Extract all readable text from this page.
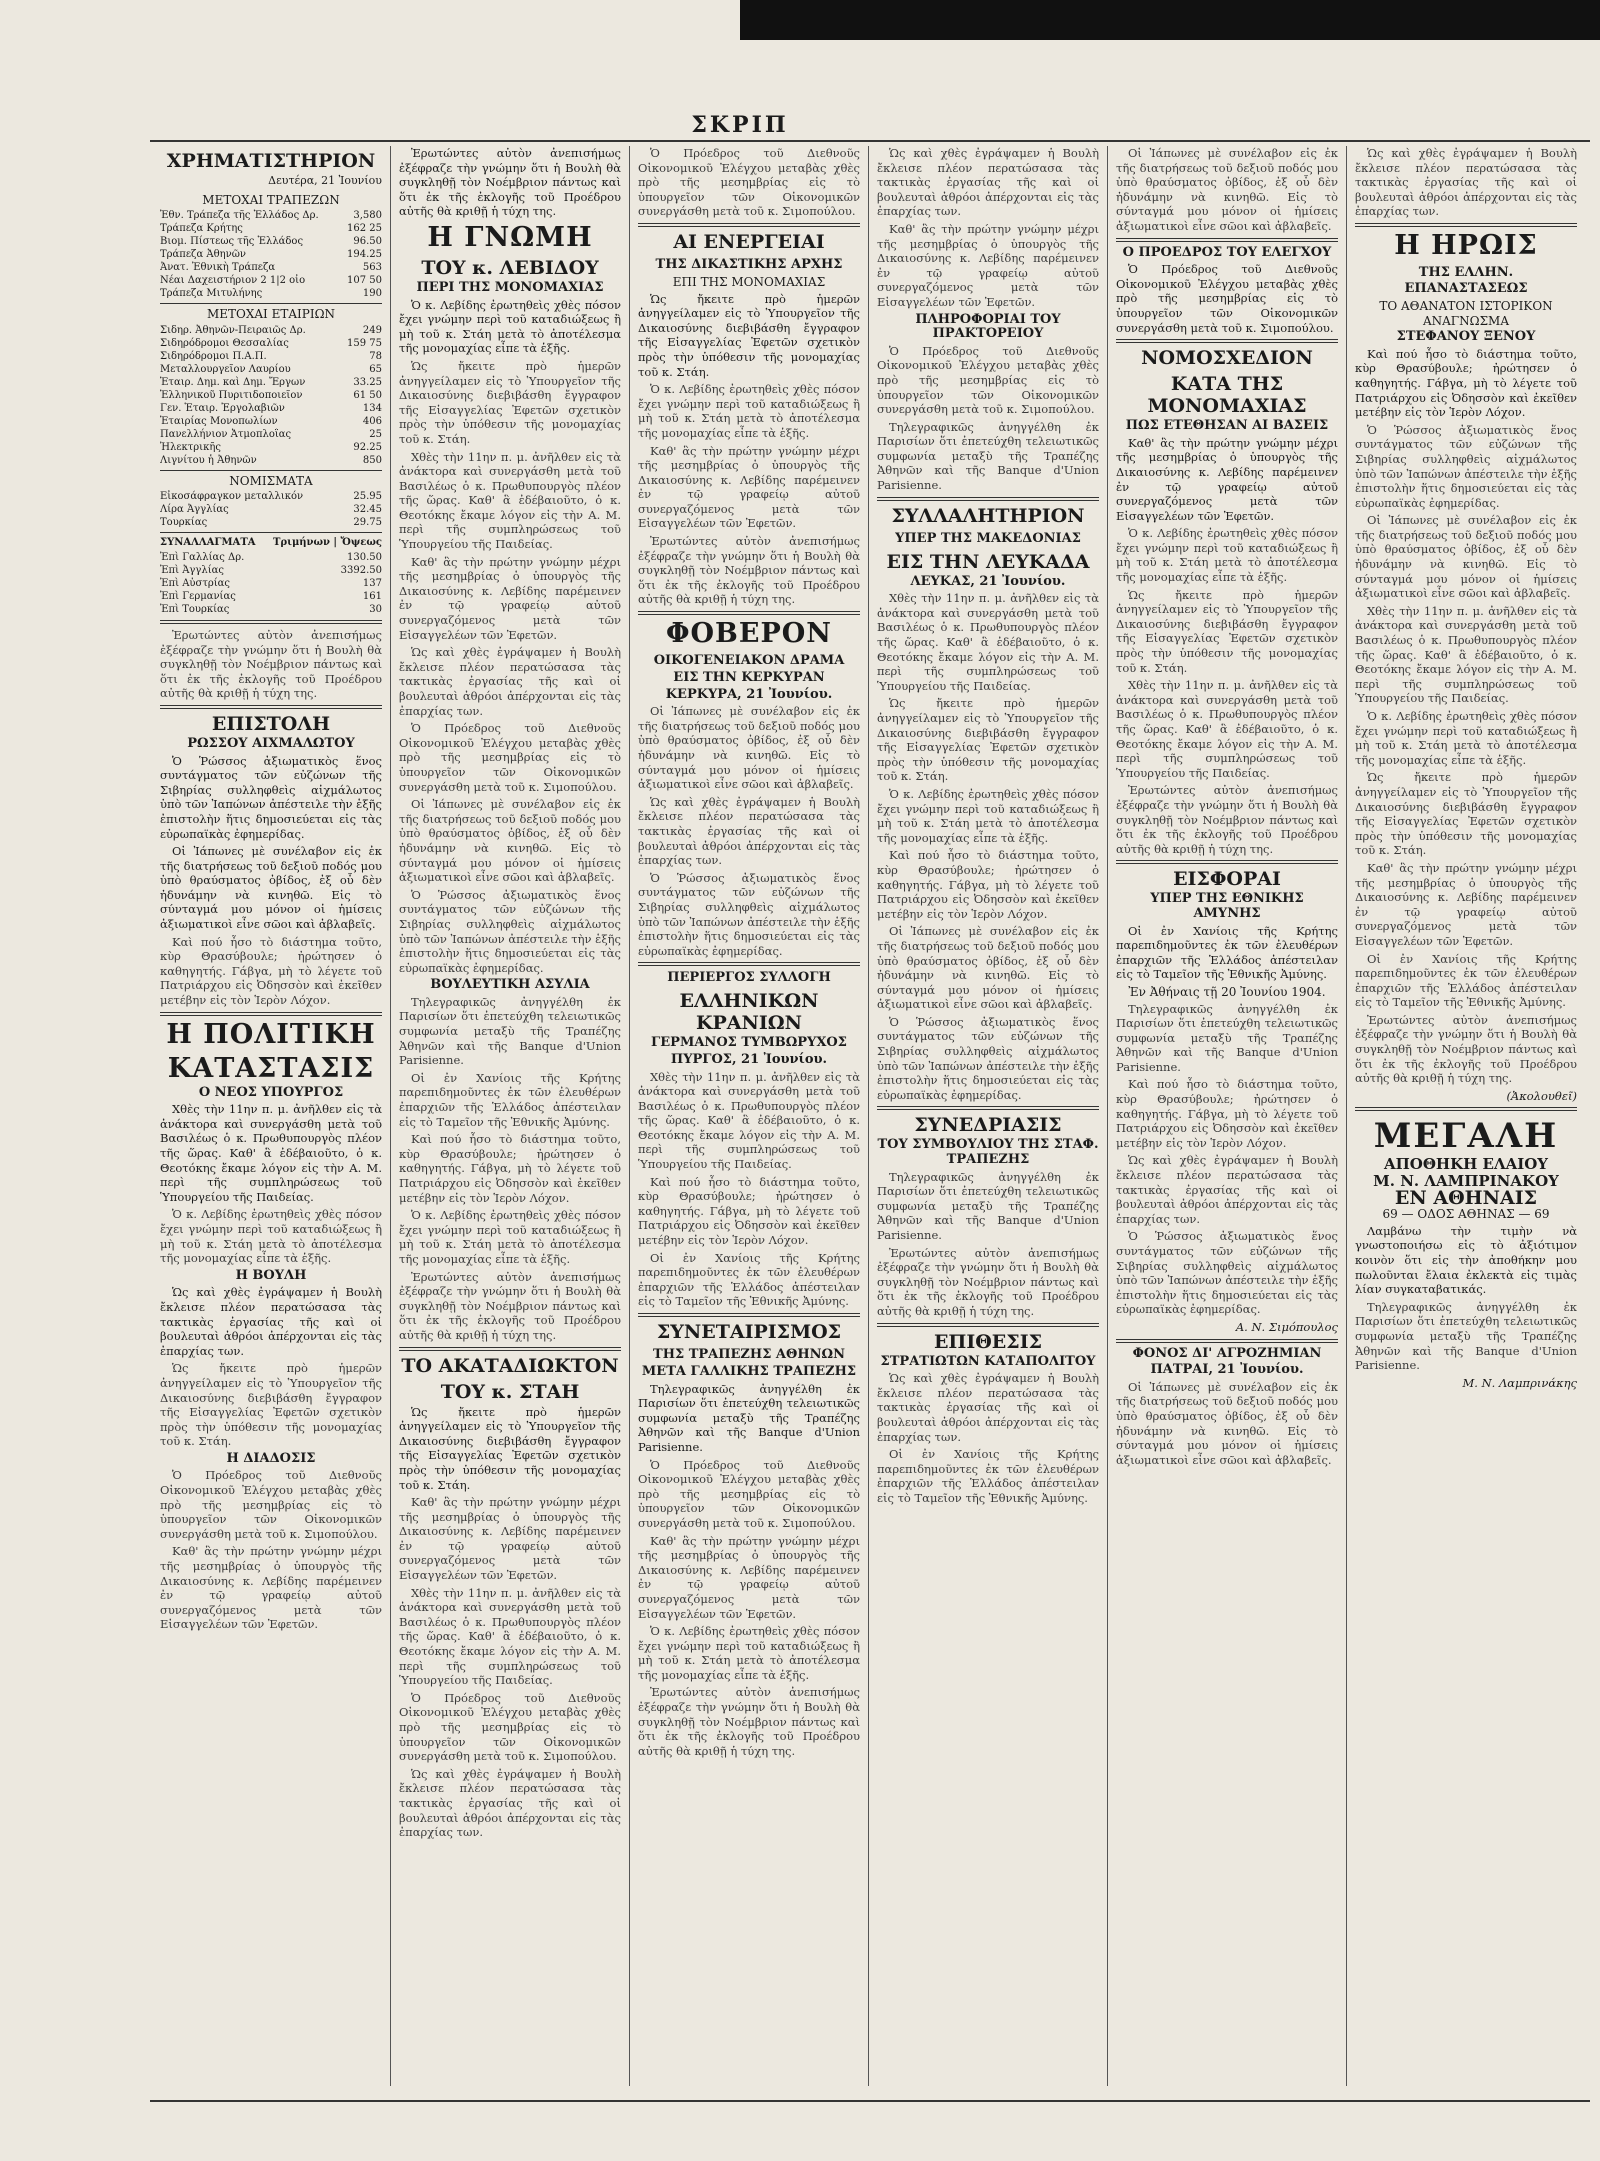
ΣΚΡΙΠ
ΧΡΗΜΑΤΙΣΤΗΡΙΟΝ
Δευτέρα, 21 Ἰουνίου
ΜΕΤΟΧΑΙ ΤΡΑΠΕΖΩΝ
Ἐθν. Τράπεζα τῆς Ἑλλάδος Δρ.	3,580
Τράπεζα Κρήτης	162 25
Βιομ. Πίστεως τῆς Ἑλλάδος	96.50
Τράπεζα Ἀθηνῶν	194.25
Ἀνατ. Ἐθνικὴ Τράπεζα	563
Νέαι Δαχειστήριον 2 1|2 οἰο	107 50
Τράπεζα Μιτυλήνης	190
ΜΕΤΟΧΑΙ ΕΤΑΙΡΙΩΝ
Σιδηρ. Ἀθηνῶν-Πειραιῶς Δρ.	249
Σιδηρόδρομοι Θεσσαλίας	159 75
Σιδηρόδρομοι Π.Α.Π.	78
Μεταλλουργεῖον Λαυρίου	65
Ἑταιρ. Δημ. καὶ Δημ. Ἔργων	33.25
Ἑλληνικοῦ Πυριτιδοποιεῖον	61 50
Γεν. Ἑταιρ. Ἐργολαβιῶν	134
Ἑταιρίας Μονοπωλίων	406
Πανελλήνιον Ἀτμοπλοΐας	25
Ἠλεκτρικῆς	92.25
Λιγνίτου ἡ Ἀθηνῶν	850
ΝΟΜΙΣΜΑΤΑ
Εἰκοσάφραγκον μεταλλικόν	25.95
Λίρα Ἀγγλίας	32.45
Τουρκίας	29.75
ΣΥΝΑΛΛΑΓΜΑΤΑ Τριμήνων | Ὄψεως
Ἐπὶ Γαλλίας Δρ.	130.50
Ἐπὶ Ἀγγλίας	3392.50
Ἐπὶ Αὐστρίας	137
Ἐπὶ Γερμανίας	161
Ἐπὶ Τουρκίας	30

Ἐρωτώντες αὐτὸν ἀνεπισήμως ἐξέφραζε τὴν γνώμην ὅτι ἡ Βουλὴ θὰ συγκληθῇ τὸν Νοέμβριον πάντως καὶ ὅτι ἐκ τῆς ἐκλογῆς τοῦ Προέδρου αὐτῆς θὰ κριθῇ ἡ τύχη της.

ΕΠΙΣΤΟΛΗ
ΡΩΣΣΟΥ ΑΙΧΜΑΛΩΤΟΥ

Ὁ Ῥώσσος ἀξιωματικὸς ἕνος συντάγματος τῶν εὐζώνων τῆς Σιβηρίας συλληφθεὶς αἰχμάλωτος ὑπὸ τῶν Ἰαπώνων ἀπέστειλε τὴν ἑξῆς ἐπιστολὴν ἥτις δημοσιεύεται εἰς τὰς εὐρωπαϊκὰς ἐφημερίδας.

Οἱ Ἰάπωνες μὲ συνέλαβον εἰς ἐκ τῆς διατρήσεως τοῦ δεξιοῦ ποδός μου ὑπὸ θραύσματος ὀβίδος, ἐξ οὗ δὲν ἠδυνάμην νὰ κινηθῶ. Εἰς τὸ σύνταγμά μου μόνον οἱ ἡμίσεις ἀξιωματικοὶ εἶνε σῶοι καὶ ἀβλαβεῖς.

Καὶ πού ἦσο τὸ διάστημα τοῦτο, κὺρ Θρασύβουλε; ἠρώτησεν ὁ καθηγητής. Γάβγα, μὴ τὸ λέγετε τοῦ Πατριάρχου εἰς Ὀδησσὸν καὶ ἐκεῖθεν μετέβην εἰς τὸν Ἱερὸν Λόχον.

Η ΠΟΛΙΤΙΚΗ
ΚΑΤΑΣΤΑΣΙΣ
Ο ΝΕΟΣ ΥΠΟΥΡΓΟΣ

Χθὲς τὴν 11ην π. μ. ἀνῆλθεν εἰς τὰ ἀνάκτορα καὶ συνεργάσθη μετὰ τοῦ Βασιλέως ὁ κ. Πρωθυπουργὸς πλέον τῆς ὥρας. Καθ' ἃ ἐδέβαιοῦτο, ὁ κ. Θεοτόκης ἔκαμε λόγον εἰς τὴν Α. Μ. περὶ τῆς συμπληρώσεως τοῦ Ὑπουργείου τῆς Παιδείας.

Ὁ κ. Λεβίδης ἐρωτηθεὶς χθὲς πόσον ἔχει γνώμην περὶ τοῦ καταδιώξεως ἢ μὴ τοῦ κ. Στάη μετὰ τὸ ἀποτέλεσμα τῆς μονομαχίας εἶπε τὰ ἑξῆς.

Η ΒΟΥΛΗ

Ὡς καὶ χθὲς ἐγράψαμεν ἡ Βουλὴ ἔκλεισε πλέον περατώσασα τὰς τακτικὰς ἐργασίας τῆς καὶ οἱ βουλευταὶ ἀθρόοι ἀπέρχονται εἰς τὰς ἐπαρχίας των.

Ὡς ἤκειτε πρὸ ἡμερῶν ἀνηγγείλαμεν εἰς τὸ Ὑπουργεῖον τῆς Δικαιοσύνης διεβιβάσθη ἔγγραφον τῆς Εἰσαγγελίας Ἐφετῶν σχετικὸν πρὸς τὴν ὑπόθεσιν τῆς μονομαχίας τοῦ κ. Στάη.

Η ΔΙΑΔΟΣΙΣ

Ὁ Πρόεδρος τοῦ Διεθνοῦς Οἰκονομικοῦ Ἐλέγχου μεταβὰς χθὲς πρὸ τῆς μεσημβρίας εἰς τὸ ὑπουργεῖον τῶν Οἰκονομικῶν συνεργάσθη μετὰ τοῦ κ. Σιμοπούλου.

Καθ' ἃς τὴν πρώτην γνώμην μέχρι τῆς μεσημβρίας ὁ ὑπουργὸς τῆς Δικαιοσύνης κ. Λεβίδης παρέμεινεν ἐν τῷ γραφείῳ αὐτοῦ συνεργαζόμενος μετὰ τῶν Εἰσαγγελέων τῶν Ἐφετῶν.

Ἐρωτώντες αὐτὸν ἀνεπισήμως ἐξέφραζε τὴν γνώμην ὅτι ἡ Βουλὴ θὰ συγκληθῇ τὸν Νοέμβριον πάντως καὶ ὅτι ἐκ τῆς ἐκλογῆς τοῦ Προέδρου αὐτῆς θὰ κριθῇ ἡ τύχη της.

Η ΓΝΩΜΗ
ΤΟΥ κ. ΛΕΒΙΔΟΥ
ΠΕΡΙ ΤΗΣ ΜΟΝΟΜΑΧΙΑΣ

Ὁ κ. Λεβίδης ἐρωτηθεὶς χθὲς πόσον ἔχει γνώμην περὶ τοῦ καταδιώξεως ἢ μὴ τοῦ κ. Στάη μετὰ τὸ ἀποτέλεσμα τῆς μονομαχίας εἶπε τὰ ἑξῆς.

Ὡς ἤκειτε πρὸ ἡμερῶν ἀνηγγείλαμεν εἰς τὸ Ὑπουργεῖον τῆς Δικαιοσύνης διεβιβάσθη ἔγγραφον τῆς Εἰσαγγελίας Ἐφετῶν σχετικὸν πρὸς τὴν ὑπόθεσιν τῆς μονομαχίας τοῦ κ. Στάη.

Χθὲς τὴν 11ην π. μ. ἀνῆλθεν εἰς τὰ ἀνάκτορα καὶ συνεργάσθη μετὰ τοῦ Βασιλέως ὁ κ. Πρωθυπουργὸς πλέον τῆς ὥρας. Καθ' ἃ ἐδέβαιοῦτο, ὁ κ. Θεοτόκης ἔκαμε λόγον εἰς τὴν Α. Μ. περὶ τῆς συμπληρώσεως τοῦ Ὑπουργείου τῆς Παιδείας.

Καθ' ἃς τὴν πρώτην γνώμην μέχρι τῆς μεσημβρίας ὁ ὑπουργὸς τῆς Δικαιοσύνης κ. Λεβίδης παρέμεινεν ἐν τῷ γραφείῳ αὐτοῦ συνεργαζόμενος μετὰ τῶν Εἰσαγγελέων τῶν Ἐφετῶν.

Ὡς καὶ χθὲς ἐγράψαμεν ἡ Βουλὴ ἔκλεισε πλέον περατώσασα τὰς τακτικὰς ἐργασίας τῆς καὶ οἱ βουλευταὶ ἀθρόοι ἀπέρχονται εἰς τὰς ἐπαρχίας των.

Ὁ Πρόεδρος τοῦ Διεθνοῦς Οἰκονομικοῦ Ἐλέγχου μεταβὰς χθὲς πρὸ τῆς μεσημβρίας εἰς τὸ ὑπουργεῖον τῶν Οἰκονομικῶν συνεργάσθη μετὰ τοῦ κ. Σιμοπούλου.

Οἱ Ἰάπωνες μὲ συνέλαβον εἰς ἐκ τῆς διατρήσεως τοῦ δεξιοῦ ποδός μου ὑπὸ θραύσματος ὀβίδος, ἐξ οὗ δὲν ἠδυνάμην νὰ κινηθῶ. Εἰς τὸ σύνταγμά μου μόνον οἱ ἡμίσεις ἀξιωματικοὶ εἶνε σῶοι καὶ ἀβλαβεῖς.

Ὁ Ῥώσσος ἀξιωματικὸς ἕνος συντάγματος τῶν εὐζώνων τῆς Σιβηρίας συλληφθεὶς αἰχμάλωτος ὑπὸ τῶν Ἰαπώνων ἀπέστειλε τὴν ἑξῆς ἐπιστολὴν ἥτις δημοσιεύεται εἰς τὰς εὐρωπαϊκὰς ἐφημερίδας.

ΒΟΥΛΕΥΤΙΚΗ ΑΣΥΛΙΑ

Τηλεγραφικῶς ἀνηγγέλθη ἐκ Παρισίων ὅτι ἐπετεύχθη τελειωτικῶς συμφωνία μεταξὺ τῆς Τραπέζης Ἀθηνῶν καὶ τῆς Banque d'Union Parisienne.

Οἱ ἐν Χανίοις τῆς Κρήτης παρεπιδημοῦντες ἐκ τῶν ἐλευθέρων ἐπαρχιῶν τῆς Ἑλλάδος ἀπέστειλαν εἰς τὸ Ταμεῖον τῆς Ἐθνικῆς Ἀμύνης.

Καὶ πού ἦσο τὸ διάστημα τοῦτο, κὺρ Θρασύβουλε; ἠρώτησεν ὁ καθηγητής. Γάβγα, μὴ τὸ λέγετε τοῦ Πατριάρχου εἰς Ὀδησσὸν καὶ ἐκεῖθεν μετέβην εἰς τὸν Ἱερὸν Λόχον.

Ὁ κ. Λεβίδης ἐρωτηθεὶς χθὲς πόσον ἔχει γνώμην περὶ τοῦ καταδιώξεως ἢ μὴ τοῦ κ. Στάη μετὰ τὸ ἀποτέλεσμα τῆς μονομαχίας εἶπε τὰ ἑξῆς.

Ἐρωτώντες αὐτὸν ἀνεπισήμως ἐξέφραζε τὴν γνώμην ὅτι ἡ Βουλὴ θὰ συγκληθῇ τὸν Νοέμβριον πάντως καὶ ὅτι ἐκ τῆς ἐκλογῆς τοῦ Προέδρου αὐτῆς θὰ κριθῇ ἡ τύχη της.

ΤΟ ΑΚΑΤΑΔΙΩΚΤΟΝ
ΤΟΥ κ. ΣΤΑΗ

Ὡς ἤκειτε πρὸ ἡμερῶν ἀνηγγείλαμεν εἰς τὸ Ὑπουργεῖον τῆς Δικαιοσύνης διεβιβάσθη ἔγγραφον τῆς Εἰσαγγελίας Ἐφετῶν σχετικὸν πρὸς τὴν ὑπόθεσιν τῆς μονομαχίας τοῦ κ. Στάη.

Καθ' ἃς τὴν πρώτην γνώμην μέχρι τῆς μεσημβρίας ὁ ὑπουργὸς τῆς Δικαιοσύνης κ. Λεβίδης παρέμεινεν ἐν τῷ γραφείῳ αὐτοῦ συνεργαζόμενος μετὰ τῶν Εἰσαγγελέων τῶν Ἐφετῶν.

Χθὲς τὴν 11ην π. μ. ἀνῆλθεν εἰς τὰ ἀνάκτορα καὶ συνεργάσθη μετὰ τοῦ Βασιλέως ὁ κ. Πρωθυπουργὸς πλέον τῆς ὥρας. Καθ' ἃ ἐδέβαιοῦτο, ὁ κ. Θεοτόκης ἔκαμε λόγον εἰς τὴν Α. Μ. περὶ τῆς συμπληρώσεως τοῦ Ὑπουργείου τῆς Παιδείας.

Ὁ Πρόεδρος τοῦ Διεθνοῦς Οἰκονομικοῦ Ἐλέγχου μεταβὰς χθὲς πρὸ τῆς μεσημβρίας εἰς τὸ ὑπουργεῖον τῶν Οἰκονομικῶν συνεργάσθη μετὰ τοῦ κ. Σιμοπούλου.

Ὡς καὶ χθὲς ἐγράψαμεν ἡ Βουλὴ ἔκλεισε πλέον περατώσασα τὰς τακτικὰς ἐργασίας τῆς καὶ οἱ βουλευταὶ ἀθρόοι ἀπέρχονται εἰς τὰς ἐπαρχίας των.

Ὁ Πρόεδρος τοῦ Διεθνοῦς Οἰκονομικοῦ Ἐλέγχου μεταβὰς χθὲς πρὸ τῆς μεσημβρίας εἰς τὸ ὑπουργεῖον τῶν Οἰκονομικῶν συνεργάσθη μετὰ τοῦ κ. Σιμοπούλου.

ΑΙ ΕΝΕΡΓΕΙΑΙ
ΤΗΣ ΔΙΚΑΣΤΙΚΗΣ ΑΡΧΗΣ
ΕΠΙ ΤΗΣ ΜΟΝΟΜΑΧΙΑΣ

Ὡς ἤκειτε πρὸ ἡμερῶν ἀνηγγείλαμεν εἰς τὸ Ὑπουργεῖον τῆς Δικαιοσύνης διεβιβάσθη ἔγγραφον τῆς Εἰσαγγελίας Ἐφετῶν σχετικὸν πρὸς τὴν ὑπόθεσιν τῆς μονομαχίας τοῦ κ. Στάη.

Ὁ κ. Λεβίδης ἐρωτηθεὶς χθὲς πόσον ἔχει γνώμην περὶ τοῦ καταδιώξεως ἢ μὴ τοῦ κ. Στάη μετὰ τὸ ἀποτέλεσμα τῆς μονομαχίας εἶπε τὰ ἑξῆς.

Καθ' ἃς τὴν πρώτην γνώμην μέχρι τῆς μεσημβρίας ὁ ὑπουργὸς τῆς Δικαιοσύνης κ. Λεβίδης παρέμεινεν ἐν τῷ γραφείῳ αὐτοῦ συνεργαζόμενος μετὰ τῶν Εἰσαγγελέων τῶν Ἐφετῶν.

Ἐρωτώντες αὐτὸν ἀνεπισήμως ἐξέφραζε τὴν γνώμην ὅτι ἡ Βουλὴ θὰ συγκληθῇ τὸν Νοέμβριον πάντως καὶ ὅτι ἐκ τῆς ἐκλογῆς τοῦ Προέδρου αὐτῆς θὰ κριθῇ ἡ τύχη της.

ΦΟΒΕΡΟΝ
ΟΙΚΟΓΕΝΕΙΑΚΟΝ ΔΡΑΜΑ
ΕΙΣ ΤΗΝ ΚΕΡΚΥΡΑΝ
ΚΕΡΚΥΡΑ, 21 Ἰουνίου.

Οἱ Ἰάπωνες μὲ συνέλαβον εἰς ἐκ τῆς διατρήσεως τοῦ δεξιοῦ ποδός μου ὑπὸ θραύσματος ὀβίδος, ἐξ οὗ δὲν ἠδυνάμην νὰ κινηθῶ. Εἰς τὸ σύνταγμά μου μόνον οἱ ἡμίσεις ἀξιωματικοὶ εἶνε σῶοι καὶ ἀβλαβεῖς.

Ὡς καὶ χθὲς ἐγράψαμεν ἡ Βουλὴ ἔκλεισε πλέον περατώσασα τὰς τακτικὰς ἐργασίας τῆς καὶ οἱ βουλευταὶ ἀθρόοι ἀπέρχονται εἰς τὰς ἐπαρχίας των.

Ὁ Ῥώσσος ἀξιωματικὸς ἕνος συντάγματος τῶν εὐζώνων τῆς Σιβηρίας συλληφθεὶς αἰχμάλωτος ὑπὸ τῶν Ἰαπώνων ἀπέστειλε τὴν ἑξῆς ἐπιστολὴν ἥτις δημοσιεύεται εἰς τὰς εὐρωπαϊκὰς ἐφημερίδας.

ΠΕΡΙΕΡΓΟΣ ΣΥΛΛΟΓΗ
ΕΛΛΗΝΙΚΩΝ ΚΡΑΝΙΩΝ
ΓΕΡΜΑΝΟΣ ΤΥΜΒΩΡΥΧΟΣ
ΠΥΡΓΟΣ, 21 Ἰουνίου.

Χθὲς τὴν 11ην π. μ. ἀνῆλθεν εἰς τὰ ἀνάκτορα καὶ συνεργάσθη μετὰ τοῦ Βασιλέως ὁ κ. Πρωθυπουργὸς πλέον τῆς ὥρας. Καθ' ἃ ἐδέβαιοῦτο, ὁ κ. Θεοτόκης ἔκαμε λόγον εἰς τὴν Α. Μ. περὶ τῆς συμπληρώσεως τοῦ Ὑπουργείου τῆς Παιδείας.

Καὶ πού ἦσο τὸ διάστημα τοῦτο, κὺρ Θρασύβουλε; ἠρώτησεν ὁ καθηγητής. Γάβγα, μὴ τὸ λέγετε τοῦ Πατριάρχου εἰς Ὀδησσὸν καὶ ἐκεῖθεν μετέβην εἰς τὸν Ἱερὸν Λόχον.

Οἱ ἐν Χανίοις τῆς Κρήτης παρεπιδημοῦντες ἐκ τῶν ἐλευθέρων ἐπαρχιῶν τῆς Ἑλλάδος ἀπέστειλαν εἰς τὸ Ταμεῖον τῆς Ἐθνικῆς Ἀμύνης.

ΣΥΝΕΤΑΙΡΙΣΜΟΣ
ΤΗΣ ΤΡΑΠΕΖΗΣ ΑΘΗΝΩΝ
ΜΕΤΑ ΓΑΛΛΙΚΗΣ ΤΡΑΠΕΖΗΣ

Τηλεγραφικῶς ἀνηγγέλθη ἐκ Παρισίων ὅτι ἐπετεύχθη τελειωτικῶς συμφωνία μεταξὺ τῆς Τραπέζης Ἀθηνῶν καὶ τῆς Banque d'Union Parisienne.

Ὁ Πρόεδρος τοῦ Διεθνοῦς Οἰκονομικοῦ Ἐλέγχου μεταβὰς χθὲς πρὸ τῆς μεσημβρίας εἰς τὸ ὑπουργεῖον τῶν Οἰκονομικῶν συνεργάσθη μετὰ τοῦ κ. Σιμοπούλου.

Καθ' ἃς τὴν πρώτην γνώμην μέχρι τῆς μεσημβρίας ὁ ὑπουργὸς τῆς Δικαιοσύνης κ. Λεβίδης παρέμεινεν ἐν τῷ γραφείῳ αὐτοῦ συνεργαζόμενος μετὰ τῶν Εἰσαγγελέων τῶν Ἐφετῶν.

Ὁ κ. Λεβίδης ἐρωτηθεὶς χθὲς πόσον ἔχει γνώμην περὶ τοῦ καταδιώξεως ἢ μὴ τοῦ κ. Στάη μετὰ τὸ ἀποτέλεσμα τῆς μονομαχίας εἶπε τὰ ἑξῆς.

Ἐρωτώντες αὐτὸν ἀνεπισήμως ἐξέφραζε τὴν γνώμην ὅτι ἡ Βουλὴ θὰ συγκληθῇ τὸν Νοέμβριον πάντως καὶ ὅτι ἐκ τῆς ἐκλογῆς τοῦ Προέδρου αὐτῆς θὰ κριθῇ ἡ τύχη της.

Ὡς καὶ χθὲς ἐγράψαμεν ἡ Βουλὴ ἔκλεισε πλέον περατώσασα τὰς τακτικὰς ἐργασίας τῆς καὶ οἱ βουλευταὶ ἀθρόοι ἀπέρχονται εἰς τὰς ἐπαρχίας των.

Καθ' ἃς τὴν πρώτην γνώμην μέχρι τῆς μεσημβρίας ὁ ὑπουργὸς τῆς Δικαιοσύνης κ. Λεβίδης παρέμεινεν ἐν τῷ γραφείῳ αὐτοῦ συνεργαζόμενος μετὰ τῶν Εἰσαγγελέων τῶν Ἐφετῶν.

ΠΛΗΡΟΦΟΡΙΑΙ ΤΟΥ ΠΡΑΚΤΟΡΕΙΟΥ

Ὁ Πρόεδρος τοῦ Διεθνοῦς Οἰκονομικοῦ Ἐλέγχου μεταβὰς χθὲς πρὸ τῆς μεσημβρίας εἰς τὸ ὑπουργεῖον τῶν Οἰκονομικῶν συνεργάσθη μετὰ τοῦ κ. Σιμοπούλου.

Τηλεγραφικῶς ἀνηγγέλθη ἐκ Παρισίων ὅτι ἐπετεύχθη τελειωτικῶς συμφωνία μεταξὺ τῆς Τραπέζης Ἀθηνῶν καὶ τῆς Banque d'Union Parisienne.

ΣΥΛΛΑΛΗΤΗΡΙΟΝ
ΥΠΕΡ ΤΗΣ ΜΑΚΕΔΟΝΙΑΣ
ΕΙΣ ΤΗΝ ΛΕΥΚΑΔΑ
ΛΕΥΚΑΣ, 21 Ἰουνίου.

Χθὲς τὴν 11ην π. μ. ἀνῆλθεν εἰς τὰ ἀνάκτορα καὶ συνεργάσθη μετὰ τοῦ Βασιλέως ὁ κ. Πρωθυπουργὸς πλέον τῆς ὥρας. Καθ' ἃ ἐδέβαιοῦτο, ὁ κ. Θεοτόκης ἔκαμε λόγον εἰς τὴν Α. Μ. περὶ τῆς συμπληρώσεως τοῦ Ὑπουργείου τῆς Παιδείας.

Ὡς ἤκειτε πρὸ ἡμερῶν ἀνηγγείλαμεν εἰς τὸ Ὑπουργεῖον τῆς Δικαιοσύνης διεβιβάσθη ἔγγραφον τῆς Εἰσαγγελίας Ἐφετῶν σχετικὸν πρὸς τὴν ὑπόθεσιν τῆς μονομαχίας τοῦ κ. Στάη.

Ὁ κ. Λεβίδης ἐρωτηθεὶς χθὲς πόσον ἔχει γνώμην περὶ τοῦ καταδιώξεως ἢ μὴ τοῦ κ. Στάη μετὰ τὸ ἀποτέλεσμα τῆς μονομαχίας εἶπε τὰ ἑξῆς.

Καὶ πού ἦσο τὸ διάστημα τοῦτο, κὺρ Θρασύβουλε; ἠρώτησεν ὁ καθηγητής. Γάβγα, μὴ τὸ λέγετε τοῦ Πατριάρχου εἰς Ὀδησσὸν καὶ ἐκεῖθεν μετέβην εἰς τὸν Ἱερὸν Λόχον.

Οἱ Ἰάπωνες μὲ συνέλαβον εἰς ἐκ τῆς διατρήσεως τοῦ δεξιοῦ ποδός μου ὑπὸ θραύσματος ὀβίδος, ἐξ οὗ δὲν ἠδυνάμην νὰ κινηθῶ. Εἰς τὸ σύνταγμά μου μόνον οἱ ἡμίσεις ἀξιωματικοὶ εἶνε σῶοι καὶ ἀβλαβεῖς.

Ὁ Ῥώσσος ἀξιωματικὸς ἕνος συντάγματος τῶν εὐζώνων τῆς Σιβηρίας συλληφθεὶς αἰχμάλωτος ὑπὸ τῶν Ἰαπώνων ἀπέστειλε τὴν ἑξῆς ἐπιστολὴν ἥτις δημοσιεύεται εἰς τὰς εὐρωπαϊκὰς ἐφημερίδας.

ΣΥΝΕΔΡΙΑΣΙΣ
ΤΟΥ ΣΥΜΒΟΥΛΙΟΥ ΤΗΣ ΣΤΑΦ. ΤΡΑΠΕΖΗΣ

Τηλεγραφικῶς ἀνηγγέλθη ἐκ Παρισίων ὅτι ἐπετεύχθη τελειωτικῶς συμφωνία μεταξὺ τῆς Τραπέζης Ἀθηνῶν καὶ τῆς Banque d'Union Parisienne.

Ἐρωτώντες αὐτὸν ἀνεπισήμως ἐξέφραζε τὴν γνώμην ὅτι ἡ Βουλὴ θὰ συγκληθῇ τὸν Νοέμβριον πάντως καὶ ὅτι ἐκ τῆς ἐκλογῆς τοῦ Προέδρου αὐτῆς θὰ κριθῇ ἡ τύχη της.

ΕΠΙΘΕΣΙΣ
ΣΤΡΑΤΙΩΤΩΝ ΚΑΤΑΠΟΛΙΤΟΥ

Ὡς καὶ χθὲς ἐγράψαμεν ἡ Βουλὴ ἔκλεισε πλέον περατώσασα τὰς τακτικὰς ἐργασίας τῆς καὶ οἱ βουλευταὶ ἀθρόοι ἀπέρχονται εἰς τὰς ἐπαρχίας των.

Οἱ ἐν Χανίοις τῆς Κρήτης παρεπιδημοῦντες ἐκ τῶν ἐλευθέρων ἐπαρχιῶν τῆς Ἑλλάδος ἀπέστειλαν εἰς τὸ Ταμεῖον τῆς Ἐθνικῆς Ἀμύνης.

Οἱ Ἰάπωνες μὲ συνέλαβον εἰς ἐκ τῆς διατρήσεως τοῦ δεξιοῦ ποδός μου ὑπὸ θραύσματος ὀβίδος, ἐξ οὗ δὲν ἠδυνάμην νὰ κινηθῶ. Εἰς τὸ σύνταγμά μου μόνον οἱ ἡμίσεις ἀξιωματικοὶ εἶνε σῶοι καὶ ἀβλαβεῖς.

Ο ΠΡΟΕΔΡΟΣ ΤΟΥ ΕΛΕΓΧΟΥ

Ὁ Πρόεδρος τοῦ Διεθνοῦς Οἰκονομικοῦ Ἐλέγχου μεταβὰς χθὲς πρὸ τῆς μεσημβρίας εἰς τὸ ὑπουργεῖον τῶν Οἰκονομικῶν συνεργάσθη μετὰ τοῦ κ. Σιμοπούλου.

ΝΟΜΟΣΧΕΔΙΟΝ
ΚΑΤΑ ΤΗΣ ΜΟΝΟΜΑΧΙΑΣ
ΠΩΣ ΕΤΕΘΗΣΑΝ ΑΙ ΒΑΣΕΙΣ

Καθ' ἃς τὴν πρώτην γνώμην μέχρι τῆς μεσημβρίας ὁ ὑπουργὸς τῆς Δικαιοσύνης κ. Λεβίδης παρέμεινεν ἐν τῷ γραφείῳ αὐτοῦ συνεργαζόμενος μετὰ τῶν Εἰσαγγελέων τῶν Ἐφετῶν.

Ὁ κ. Λεβίδης ἐρωτηθεὶς χθὲς πόσον ἔχει γνώμην περὶ τοῦ καταδιώξεως ἢ μὴ τοῦ κ. Στάη μετὰ τὸ ἀποτέλεσμα τῆς μονομαχίας εἶπε τὰ ἑξῆς.

Ὡς ἤκειτε πρὸ ἡμερῶν ἀνηγγείλαμεν εἰς τὸ Ὑπουργεῖον τῆς Δικαιοσύνης διεβιβάσθη ἔγγραφον τῆς Εἰσαγγελίας Ἐφετῶν σχετικὸν πρὸς τὴν ὑπόθεσιν τῆς μονομαχίας τοῦ κ. Στάη.

Χθὲς τὴν 11ην π. μ. ἀνῆλθεν εἰς τὰ ἀνάκτορα καὶ συνεργάσθη μετὰ τοῦ Βασιλέως ὁ κ. Πρωθυπουργὸς πλέον τῆς ὥρας. Καθ' ἃ ἐδέβαιοῦτο, ὁ κ. Θεοτόκης ἔκαμε λόγον εἰς τὴν Α. Μ. περὶ τῆς συμπληρώσεως τοῦ Ὑπουργείου τῆς Παιδείας.

Ἐρωτώντες αὐτὸν ἀνεπισήμως ἐξέφραζε τὴν γνώμην ὅτι ἡ Βουλὴ θὰ συγκληθῇ τὸν Νοέμβριον πάντως καὶ ὅτι ἐκ τῆς ἐκλογῆς τοῦ Προέδρου αὐτῆς θὰ κριθῇ ἡ τύχη της.

ΕΙΣΦΟΡΑΙ
ΥΠΕΡ ΤΗΣ ΕΘΝΙΚΗΣ ΑΜΥΝΗΣ

Οἱ ἐν Χανίοις τῆς Κρήτης παρεπιδημοῦντες ἐκ τῶν ἐλευθέρων ἐπαρχιῶν τῆς Ἑλλάδος ἀπέστειλαν εἰς τὸ Ταμεῖον τῆς Ἐθνικῆς Ἀμύνης.

Ἐν Ἀθήναις τῇ 20 Ἰουνίου 1904.

Τηλεγραφικῶς ἀνηγγέλθη ἐκ Παρισίων ὅτι ἐπετεύχθη τελειωτικῶς συμφωνία μεταξὺ τῆς Τραπέζης Ἀθηνῶν καὶ τῆς Banque d'Union Parisienne.

Καὶ πού ἦσο τὸ διάστημα τοῦτο, κὺρ Θρασύβουλε; ἠρώτησεν ὁ καθηγητής. Γάβγα, μὴ τὸ λέγετε τοῦ Πατριάρχου εἰς Ὀδησσὸν καὶ ἐκεῖθεν μετέβην εἰς τὸν Ἱερὸν Λόχον.

Ὡς καὶ χθὲς ἐγράψαμεν ἡ Βουλὴ ἔκλεισε πλέον περατώσασα τὰς τακτικὰς ἐργασίας τῆς καὶ οἱ βουλευταὶ ἀθρόοι ἀπέρχονται εἰς τὰς ἐπαρχίας των.

Ὁ Ῥώσσος ἀξιωματικὸς ἕνος συντάγματος τῶν εὐζώνων τῆς Σιβηρίας συλληφθεὶς αἰχμάλωτος ὑπὸ τῶν Ἰαπώνων ἀπέστειλε τὴν ἑξῆς ἐπιστολὴν ἥτις δημοσιεύεται εἰς τὰς εὐρωπαϊκὰς ἐφημερίδας.

Α. Ν. Σιμόπουλος
ΦΟΝΟΣ ΔΙ' ΑΓΡΟΖΗΜΙΑΝ
ΠΑΤΡΑΙ, 21 Ἰουνίου.

Οἱ Ἰάπωνες μὲ συνέλαβον εἰς ἐκ τῆς διατρήσεως τοῦ δεξιοῦ ποδός μου ὑπὸ θραύσματος ὀβίδος, ἐξ οὗ δὲν ἠδυνάμην νὰ κινηθῶ. Εἰς τὸ σύνταγμά μου μόνον οἱ ἡμίσεις ἀξιωματικοὶ εἶνε σῶοι καὶ ἀβλαβεῖς.

Ὡς καὶ χθὲς ἐγράψαμεν ἡ Βουλὴ ἔκλεισε πλέον περατώσασα τὰς τακτικὰς ἐργασίας τῆς καὶ οἱ βουλευταὶ ἀθρόοι ἀπέρχονται εἰς τὰς ἐπαρχίας των.

Η ΗΡΩΙΣ
ΤΗΣ ΕΛΛΗΝ. ΕΠΑΝΑΣΤΑΣΕΩΣ
ΤΟ ΑΘΑΝΑΤΟΝ ΙΣΤΟΡΙΚΟΝ ΑΝΑΓΝΩΣΜΑ
ΣΤΕΦΑΝΟΥ ΞΕΝΟΥ

Καὶ πού ἦσο τὸ διάστημα τοῦτο, κὺρ Θρασύβουλε; ἠρώτησεν ὁ καθηγητής. Γάβγα, μὴ τὸ λέγετε τοῦ Πατριάρχου εἰς Ὀδησσὸν καὶ ἐκεῖθεν μετέβην εἰς τὸν Ἱερὸν Λόχον.

Ὁ Ῥώσσος ἀξιωματικὸς ἕνος συντάγματος τῶν εὐζώνων τῆς Σιβηρίας συλληφθεὶς αἰχμάλωτος ὑπὸ τῶν Ἰαπώνων ἀπέστειλε τὴν ἑξῆς ἐπιστολὴν ἥτις δημοσιεύεται εἰς τὰς εὐρωπαϊκὰς ἐφημερίδας.

Οἱ Ἰάπωνες μὲ συνέλαβον εἰς ἐκ τῆς διατρήσεως τοῦ δεξιοῦ ποδός μου ὑπὸ θραύσματος ὀβίδος, ἐξ οὗ δὲν ἠδυνάμην νὰ κινηθῶ. Εἰς τὸ σύνταγμά μου μόνον οἱ ἡμίσεις ἀξιωματικοὶ εἶνε σῶοι καὶ ἀβλαβεῖς.

Χθὲς τὴν 11ην π. μ. ἀνῆλθεν εἰς τὰ ἀνάκτορα καὶ συνεργάσθη μετὰ τοῦ Βασιλέως ὁ κ. Πρωθυπουργὸς πλέον τῆς ὥρας. Καθ' ἃ ἐδέβαιοῦτο, ὁ κ. Θεοτόκης ἔκαμε λόγον εἰς τὴν Α. Μ. περὶ τῆς συμπληρώσεως τοῦ Ὑπουργείου τῆς Παιδείας.

Ὁ κ. Λεβίδης ἐρωτηθεὶς χθὲς πόσον ἔχει γνώμην περὶ τοῦ καταδιώξεως ἢ μὴ τοῦ κ. Στάη μετὰ τὸ ἀποτέλεσμα τῆς μονομαχίας εἶπε τὰ ἑξῆς.

Ὡς ἤκειτε πρὸ ἡμερῶν ἀνηγγείλαμεν εἰς τὸ Ὑπουργεῖον τῆς Δικαιοσύνης διεβιβάσθη ἔγγραφον τῆς Εἰσαγγελίας Ἐφετῶν σχετικὸν πρὸς τὴν ὑπόθεσιν τῆς μονομαχίας τοῦ κ. Στάη.

Καθ' ἃς τὴν πρώτην γνώμην μέχρι τῆς μεσημβρίας ὁ ὑπουργὸς τῆς Δικαιοσύνης κ. Λεβίδης παρέμεινεν ἐν τῷ γραφείῳ αὐτοῦ συνεργαζόμενος μετὰ τῶν Εἰσαγγελέων τῶν Ἐφετῶν.

Οἱ ἐν Χανίοις τῆς Κρήτης παρεπιδημοῦντες ἐκ τῶν ἐλευθέρων ἐπαρχιῶν τῆς Ἑλλάδος ἀπέστειλαν εἰς τὸ Ταμεῖον τῆς Ἐθνικῆς Ἀμύνης.

Ἐρωτώντες αὐτὸν ἀνεπισήμως ἐξέφραζε τὴν γνώμην ὅτι ἡ Βουλὴ θὰ συγκληθῇ τὸν Νοέμβριον πάντως καὶ ὅτι ἐκ τῆς ἐκλογῆς τοῦ Προέδρου αὐτῆς θὰ κριθῇ ἡ τύχη της.

(Ἀκολουθεῖ)
ΜΕΓΑΛΗ
ΑΠΟΘΗΚΗ ΕΛΑΙΟΥ
Μ. Ν. ΛΑΜΠΡΙΝΑΚΟΥ
ΕΝ ΑΘΗΝΑΙΣ
69 — ΟΔΟΣ ΑΘΗΝΑΣ — 69

Λαμβάνω τὴν τιμὴν νὰ γνωστοποιήσω εἰς τὸ ἀξιότιμον κοινὸν ὅτι εἰς τὴν ἀποθήκην μου πωλοῦνται ἔλαια ἐκλεκτὰ εἰς τιμὰς λίαν συγκαταβατικάς.

Τηλεγραφικῶς ἀνηγγέλθη ἐκ Παρισίων ὅτι ἐπετεύχθη τελειωτικῶς συμφωνία μεταξὺ τῆς Τραπέζης Ἀθηνῶν καὶ τῆς Banque d'Union Parisienne.

Μ. Ν. Λαμπρινάκης
